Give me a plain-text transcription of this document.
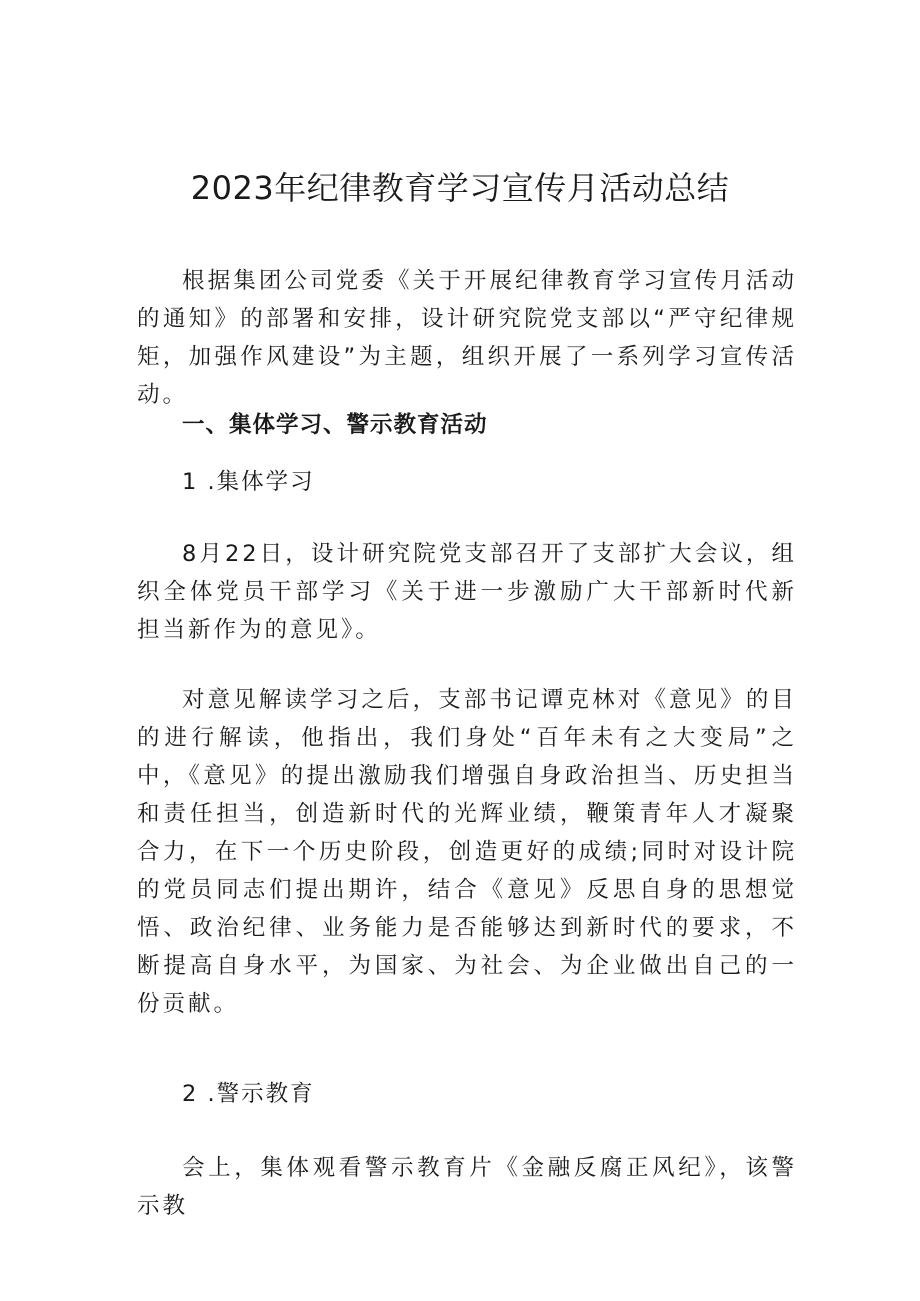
2023年纪律教育学习宣传月活动总结

根据集团公司党委《关于开展纪律教育学习宣传月活动的通知》的部署和安排，设计研究院党支部以“严守纪律规矩，加强作风建设”为主题，组织开展了一系列学习宣传活动。

一、集体学习、警示教育活动

1 .集体学习

8月22日，设计研究院党支部召开了支部扩大会议，组织全体党员干部学习《关于进一步激励广大干部新时代新担当新作为的意见》。

对意见解读学习之后，支部书记谭克林对《意见》的目的进行解读，他指出，我们身处“百年未有之大变局”之中，《意见》的提出激励我们增强自身政治担当、历史担当和责任担当，创造新时代的光辉业绩，鞭策青年人才凝聚合力，在下一个历史阶段，创造更好的成绩;同时对设计院的党员同志们提出期许，结合《意见》反思自身的思想觉悟、政治纪律、业务能力是否能够达到新时代的要求，不断提高自身水平，为国家、为社会、为企业做出自己的一份贡献。

2 .警示教育

会上，集体观看警示教育片《金融反腐正风纪》，该警示教
